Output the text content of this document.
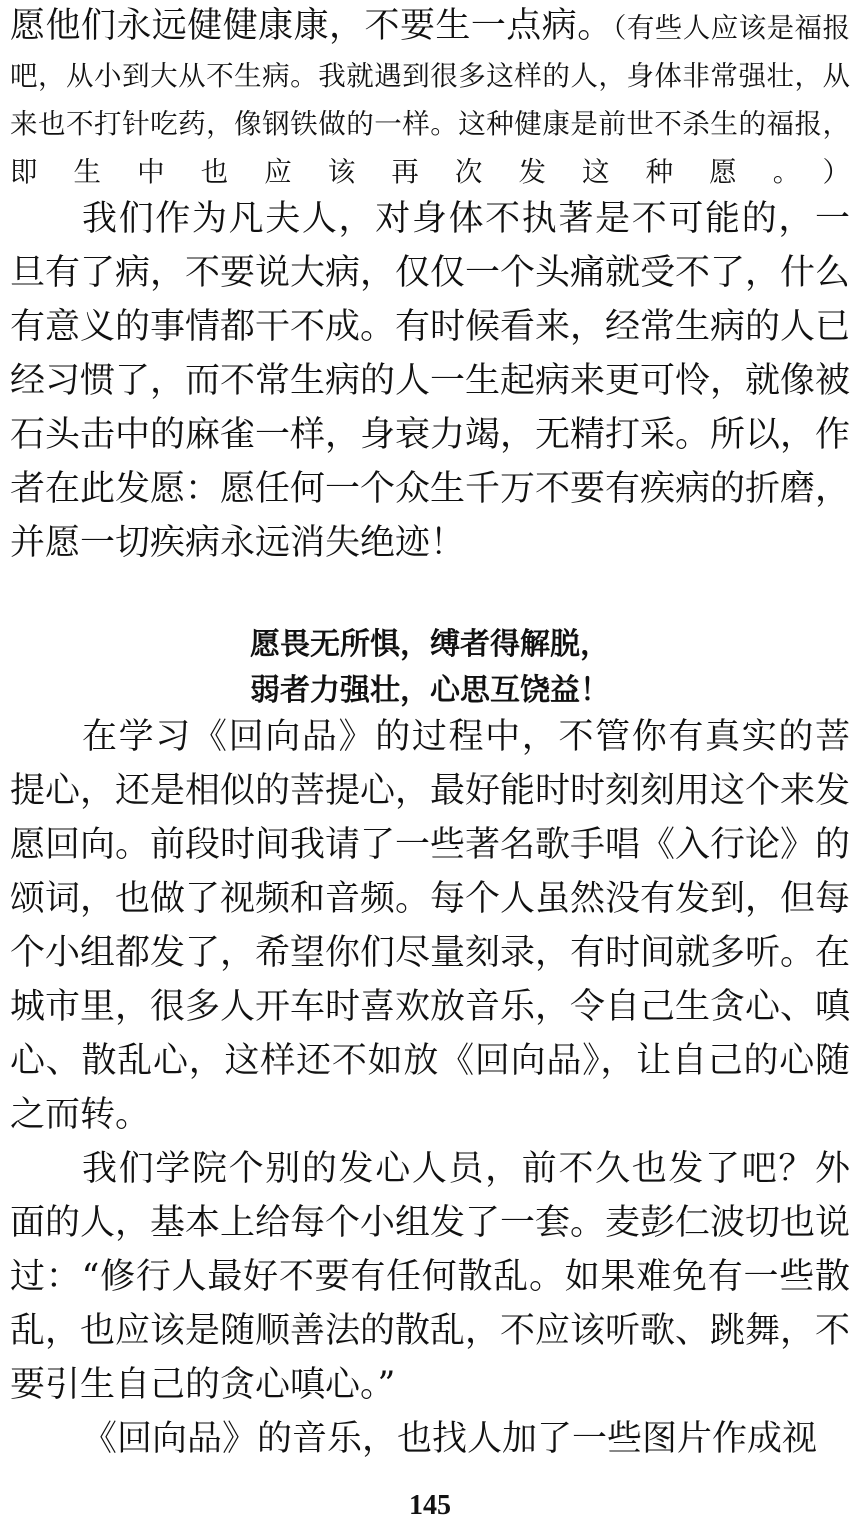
愿他们永远健健康康，不要生一点病。（有些人应该是福报吧，从小到大从不生病。我就遇到很多这样的人，身体非常强壮，从来也不打针吃药，像钢铁做的一样。这种健康是前世不杀生的福报，即生中也应该再次发这种愿。）

我们作为凡夫人，对身体不执著是不可能的，一旦有了病，不要说大病，仅仅一个头痛就受不了，什么有意义的事情都干不成。有时候看来，经常生病的人已经习惯了，而不常生病的人一生起病来更可怜，就像被石头击中的麻雀一样，身衰力竭，无精打采。所以，作者在此发愿：愿任何一个众生千万不要有疾病的折磨，并愿一切疾病永远消失绝迹！

愿畏无所惧，缚者得解脱，
弱者力强壮，心思互饶益！

在学习《回向品》的过程中，不管你有真实的菩提心，还是相似的菩提心，最好能时时刻刻用这个来发愿回向。前段时间我请了一些著名歌手唱《入行论》的颂词，也做了视频和音频。每个人虽然没有发到，但每个小组都发了，希望你们尽量刻录，有时间就多听。在城市里，很多人开车时喜欢放音乐，令自己生贪心、嗔心、散乱心，这样还不如放《回向品》，让自己的心随之而转。

我们学院个别的发心人员，前不久也发了吧？外面的人，基本上给每个小组发了一套。麦彭仁波切也说过：“修行人最好不要有任何散乱。如果难免有一些散乱，也应该是随顺善法的散乱，不应该听歌、跳舞，不要引生自己的贪心嗔心。”

《回向品》的音乐，也找人加了一些图片作成视

145
